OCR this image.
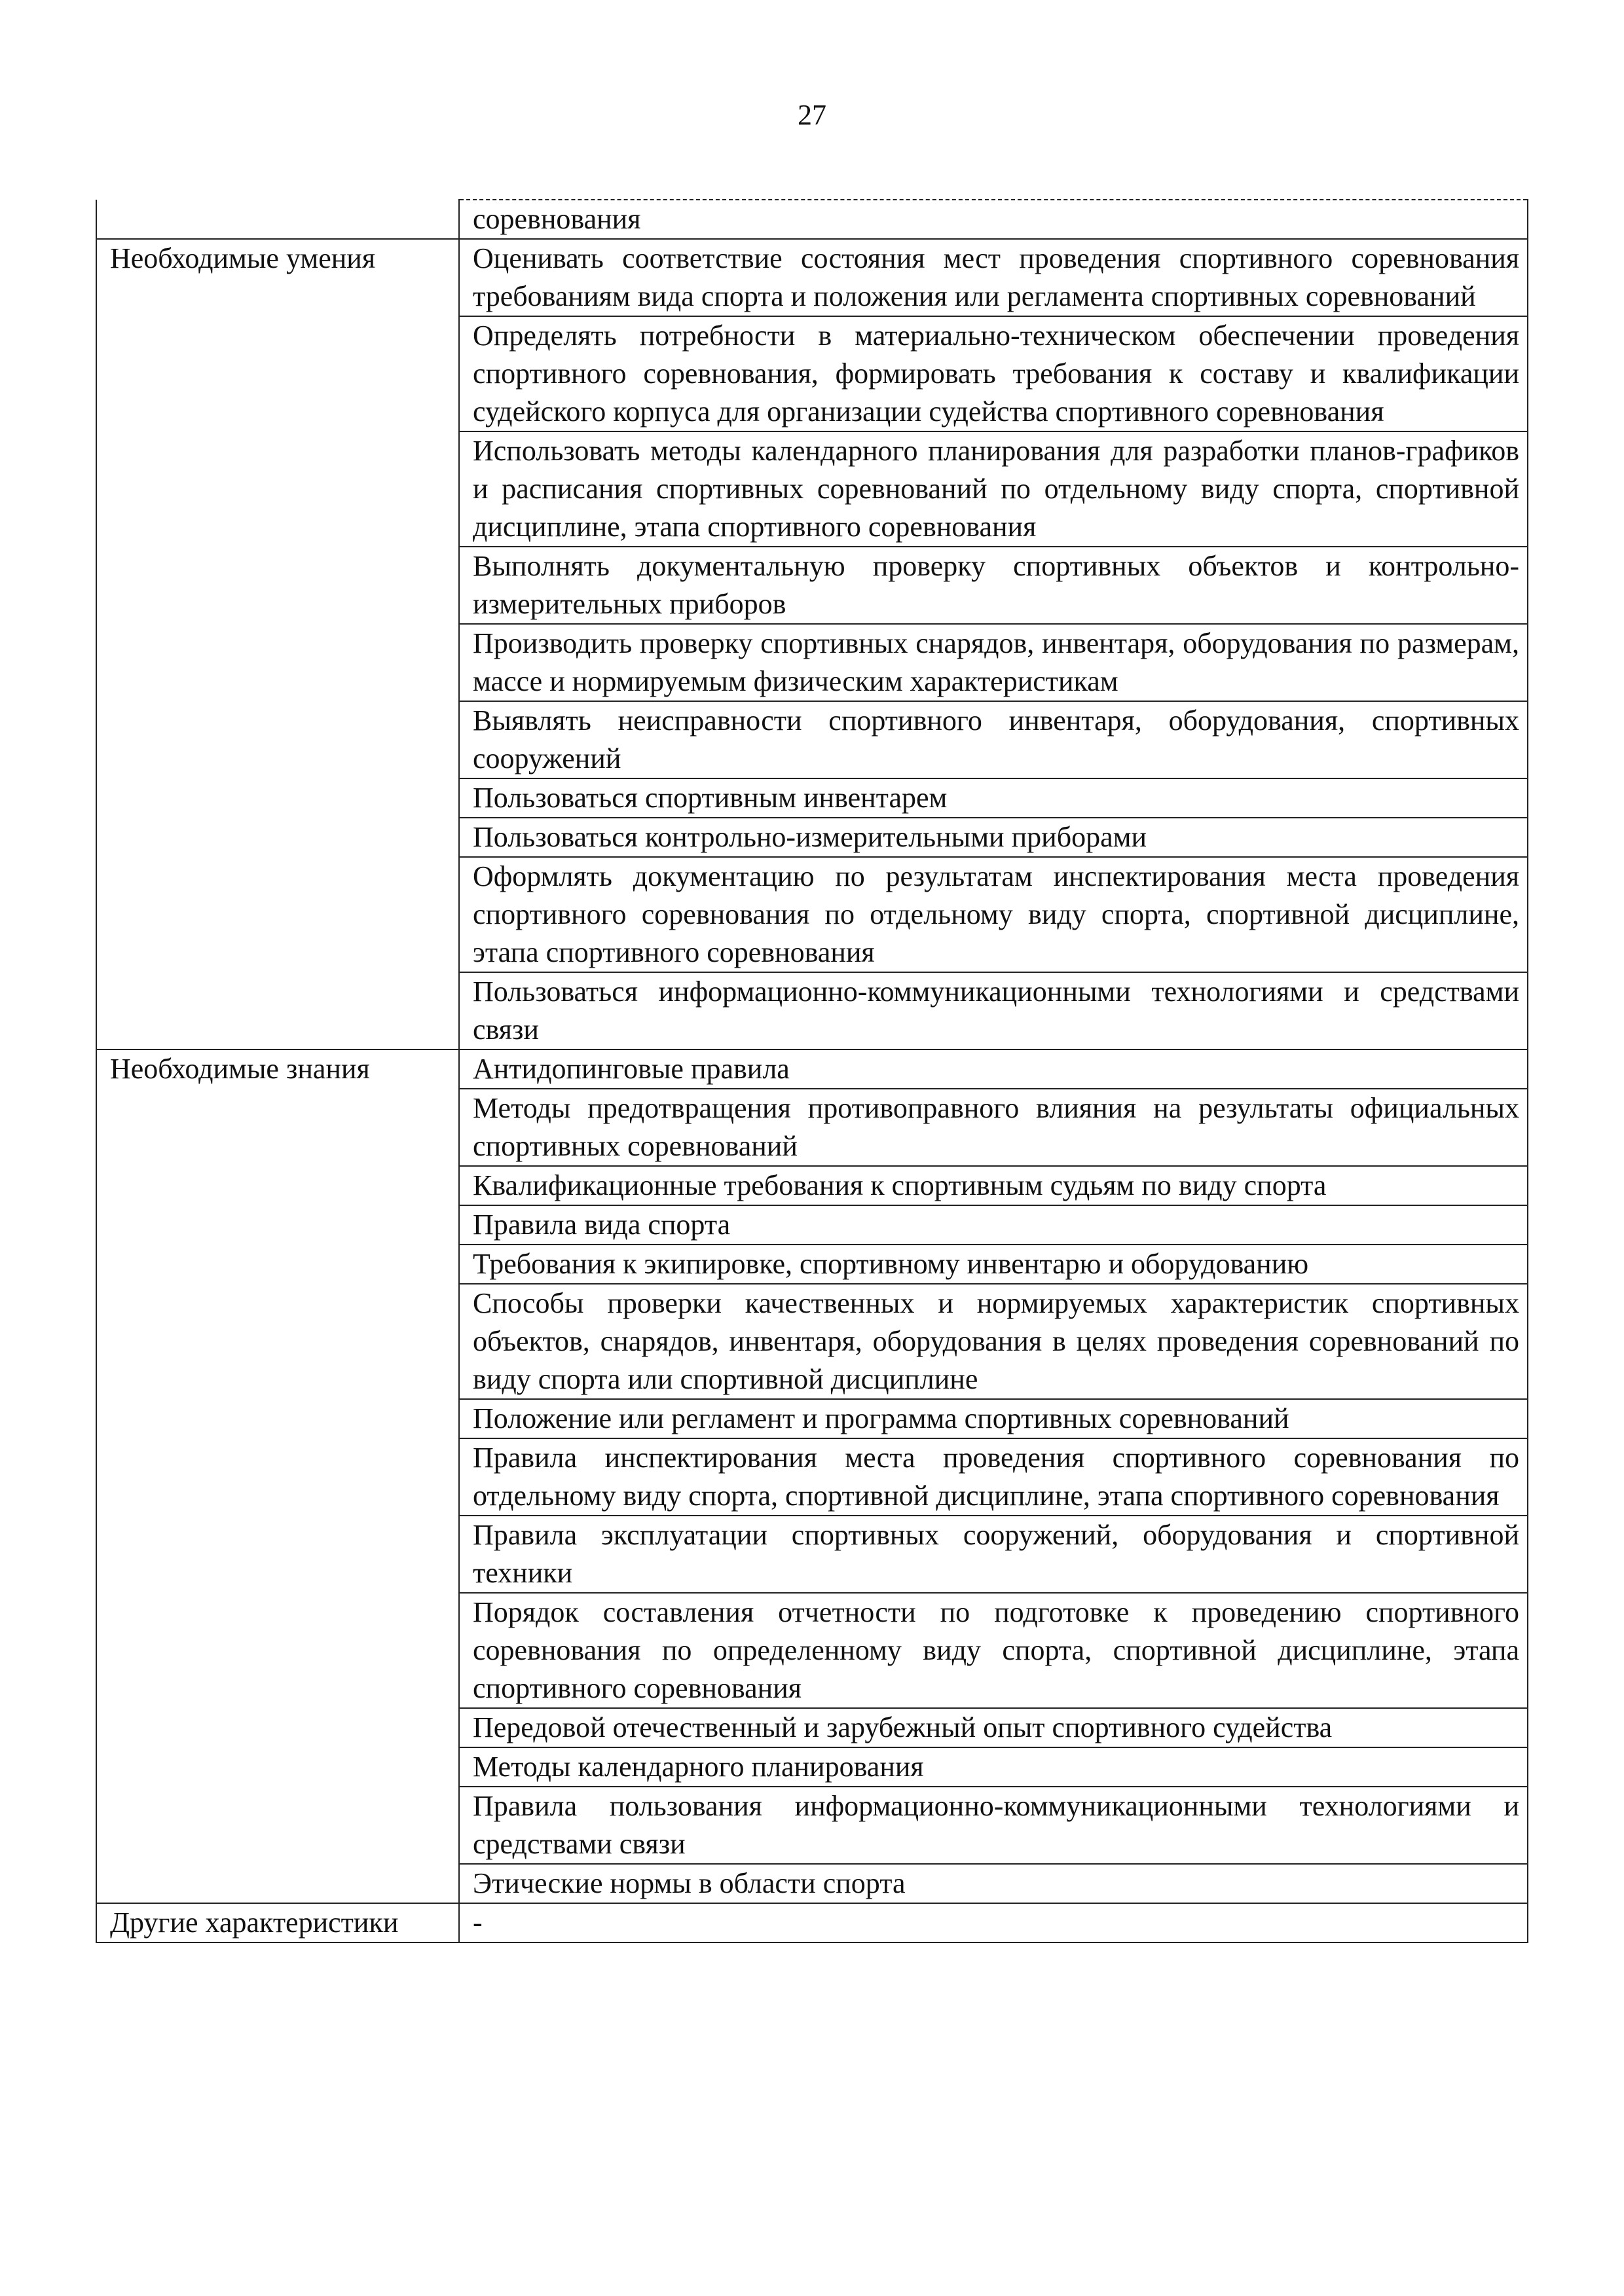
27
	соревнования
Необходимые умения	Оценивать соответствие состояния мест проведения спортивного соревнования требованиям вида спорта и положения или регламента спортивных соревнований
	Определять потребности в материально-техническом обеспечении проведения спортивного соревнования, формировать требования к составу и квалификации судейского корпуса для организации судейства спортивного соревнования
	Использовать методы календарного планирования для разработки планов-графиков и расписания спортивных соревнований по отдельному виду спорта, спортивной дисциплине, этапа спортивного соревнования
	Выполнять документальную проверку спортивных объектов и контрольно-измерительных приборов
	Производить проверку спортивных снарядов, инвентаря, оборудования по размерам, массе и нормируемым физическим характеристикам
	Выявлять неисправности спортивного инвентаря, оборудования, спортивных сооружений
	Пользоваться спортивным инвентарем
	Пользоваться контрольно-измерительными приборами
	Оформлять документацию по результатам инспектирования места проведения спортивного соревнования по отдельному виду спорта, спортивной дисциплине, этапа спортивного соревнования
	Пользоваться информационно-коммуникационными технологиями и средствами связи
Необходимые знания	Антидопинговые правила
	Методы предотвращения противоправного влияния на результаты официальных спортивных соревнований
	Квалификационные требования к спортивным судьям по виду спорта
	Правила вида спорта
	Требования к экипировке, спортивному инвентарю и оборудованию
	Способы проверки качественных и нормируемых характеристик спортивных объектов, снарядов, инвентаря, оборудования в целях проведения соревнований по виду спорта или спортивной дисциплине
	Положение или регламент и программа спортивных соревнований
	Правила инспектирования места проведения спортивного соревнования по отдельному виду спорта, спортивной дисциплине, этапа спортивного соревнования
	Правила эксплуатации спортивных сооружений, оборудования и спортивной техники
	Порядок составления отчетности по подготовке к проведению спортивного соревнования по определенному виду спорта, спортивной дисциплине, этапа спортивного соревнования
	Передовой отечественный и зарубежный опыт спортивного судейства
	Методы календарного планирования
	Правила пользования информационно-коммуникационными технологиями и средствами связи
	Этические нормы в области спорта
Другие характеристики	-
